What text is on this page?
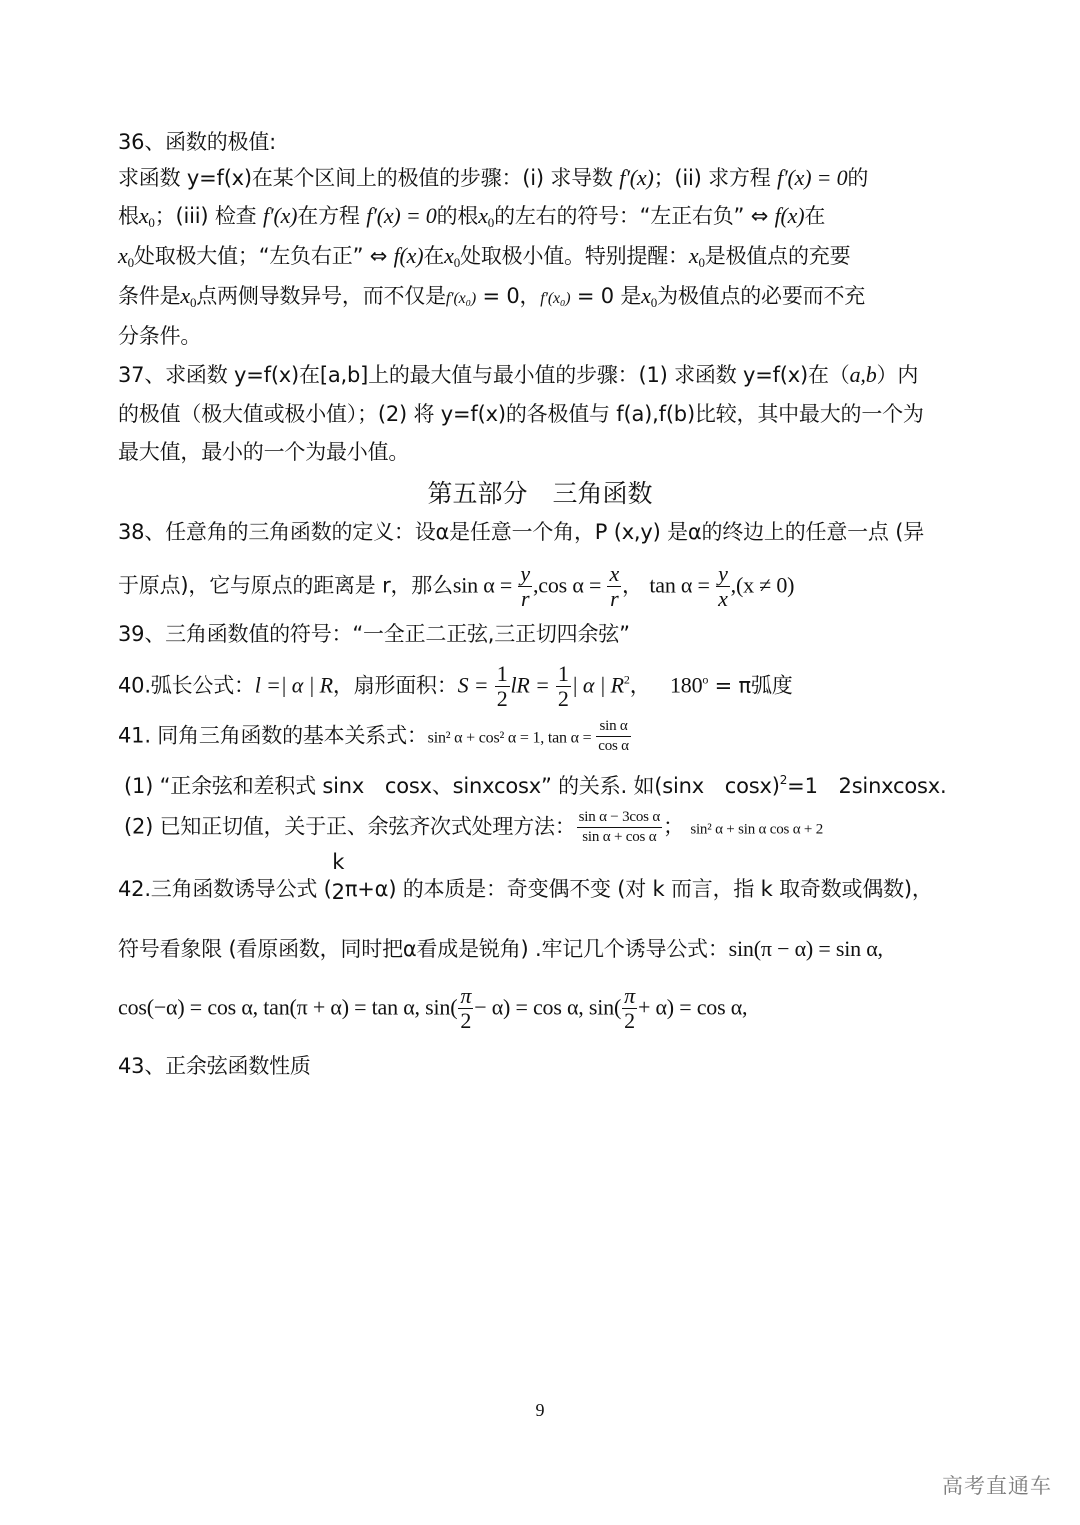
36、函数的极值:
求函数 y=f(x)在某个区间上的极值的步骤：(i) 求导数 f′(x)；(ii) 求方程 f′(x) = 0的
根$x_0$；(iii) 检查 f′(x)在方程 f′(x) = 0的根$x_0$的左右的符号：“左正右负” ⇔ f(x)在
$x_0$处取极大值；“左负右正” ⇔ f(x)在$x_0$处取极小值。特别提醒：$x_0$是极值点的充要
条件是$x_0$点两侧导数异号，而不仅是f′(x₀) = 0，f′(x₀) = 0 是$x_0$为极值点的必要而不充
分条件。
37、求函数 y=f(x)在[a,b]上的最大值与最小值的步骤：(1) 求函数 y=f(x)在（a,b）内
的极值（极大值或极小值）；(2) 将 y=f(x)的各极值与 f(a),f(b)比较，其中最大的一个为
最大值，最小的一个为最小值。
第五部分　三角函数
38、任意角的三角函数的定义：设α是任意一个角，P (x,y) 是α的终边上的任意一点 (异
于原点)，它与原点的距离是 r，那么$\sin \alpha = \frac{y}{r} ,\cos$ $\alpha = \frac{x}{r}$ ， $\tan \alpha = \frac{y}{x} ,(x \ne 0)$
39、三角函数值的符号：“一全正二正弦,三正切四余弦”
40.弧长公式：l =| α | R，扇形面积：$S = \frac{1}{2}$ lR = $\frac{1}{2}$ | α | $R^2$， $180^o = \pi$弧度
41. 同角三角函数的基本关系式：sin² α + cos² α = 1, $\tan \alpha = \frac{\text{sin α}}{\text{cos α}}$
(1) “正余弦和差积式 sinx　cosx、sinxcosx” 的关系. 如(sinx　cosx)$^2$=1　2sinxcosx.
(2) 已知正切值，关于正、余弦齐次式处理方法： $\frac{\text{sin α − 3cos α}}{\text{sin α + cos α}}$ ； sin² α + sin α cos α + 2
42.三角函数诱导公式 (
k
2 π+α) 的本质是：奇变偶不变 (对 k 而言，指 k 取奇数或偶数)，
符号看象限 (看原函数，同时把α看成是锐角) .牢记几个诱导公式：sin(π − α) = sin α,
cos(−α) = cos α, tan(π + α) = tan α, $\sin( \frac{\pi}{2} - \alpha) = \cos \alpha$, $\sin( \frac{\pi}{2} + \alpha) = \cos \alpha$,
43、正余弦函数性质
9
高考直通车
